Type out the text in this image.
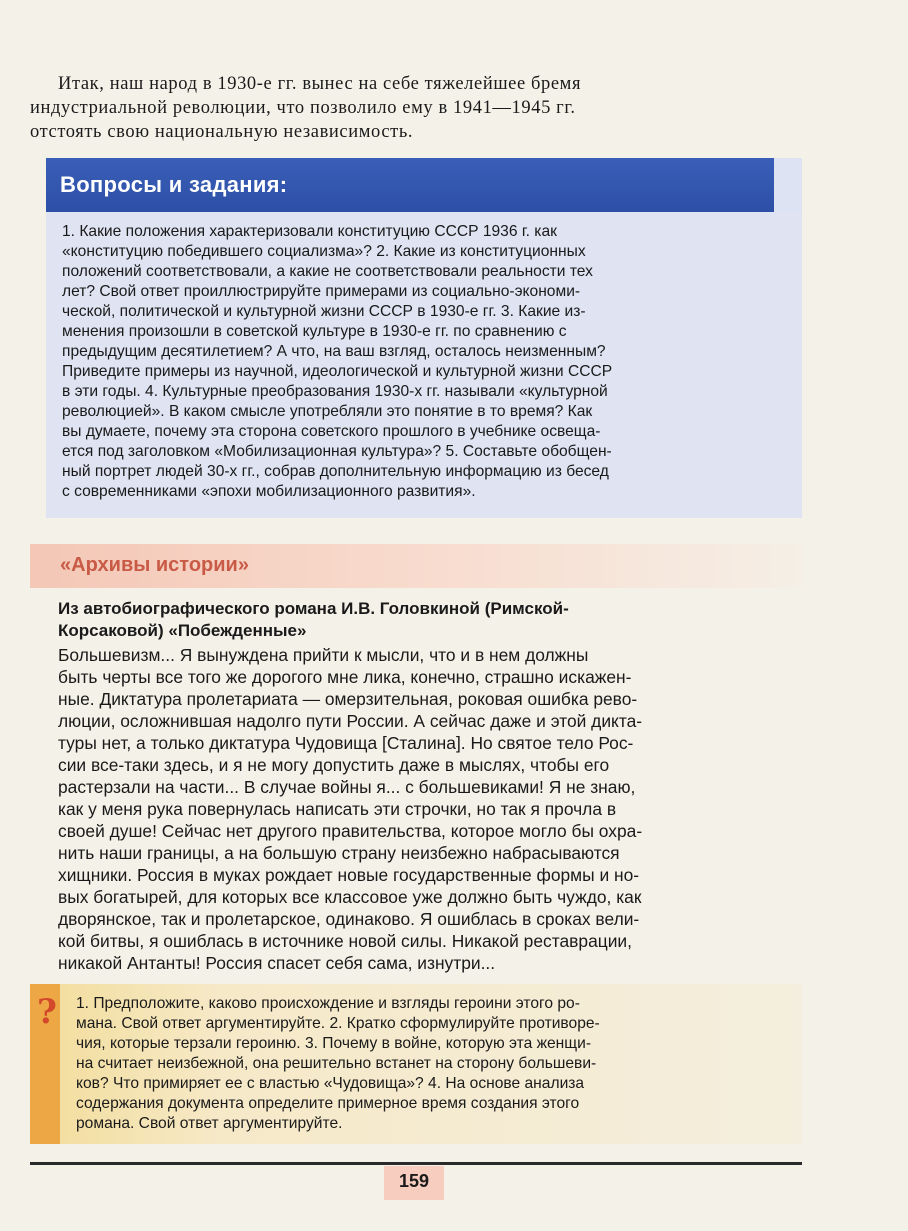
Итак, наш народ в 1930-е гг. вынес на себе тяжелейшее бремя
индустриальной революции, что позволило ему в 1941—1945 гг.
отстоять свою национальную независимость.
Вопросы и задания:
1. Какие положения характеризовали конституцию СССР 1936 г. как
«конституцию победившего социализма»? 2. Какие из конституционных
положений соответствовали, а какие не соответствовали реальности тех
лет? Свой ответ проиллюстрируйте примерами из социально-экономи-
ческой, политической и культурной жизни СССР в 1930-е гг. 3. Какие из-
менения произошли в советской культуре в 1930-е гг. по сравнению с
предыдущим десятилетием? А что, на ваш взгляд, осталось неизменным?
Приведите примеры из научной, идеологической и культурной жизни СССР
в эти годы. 4. Культурные преобразования 1930-х гг. называли «культурной
революцией». В каком смысле употребляли это понятие в то время? Как
вы думаете, почему эта сторона советского прошлого в учебнике освеща-
ется под заголовком «Мобилизационная культура»? 5. Составьте обобщен-
ный портрет людей 30-х гг., собрав дополнительную информацию из бесед
с современниками «эпохи мобилизационного развития».
«Архивы истории»
Из автобиографического романа И.В. Головкиной (Римской-
Корсаковой) «Побежденные»
Большевизм... Я вынуждена прийти к мысли, что и в нем должны
быть черты все того же дорогого мне лика, конечно, страшно искажен-
ные. Диктатура пролетариата — омерзительная, роковая ошибка рево-
люции, осложнившая надолго пути России. А сейчас даже и этой дикта-
туры нет, а только диктатура Чудовища [Сталина]. Но святое тело Рос-
сии все-таки здесь, и я не могу допустить даже в мыслях, чтобы его
растерзали на части... В случае войны я... с большевиками! Я не знаю,
как у меня рука повернулась написать эти строчки, но так я прочла в
своей душе! Сейчас нет другого правительства, которое могло бы охра-
нить наши границы, а на большую страну неизбежно набрасываются
хищники. Россия в муках рождает новые государственные формы и но-
вых богатырей, для которых все классовое уже должно быть чуждо, как
дворянское, так и пролетарское, одинаково. Я ошиблась в сроках вели-
кой битвы, я ошиблась в источнике новой силы. Никакой реставрации,
никакой Антанты! Россия спасет себя сама, изнутри...
?	1. Предположите, каково происхождение и взгляды героини этого ро-
мана. Свой ответ аргументируйте. 2. Кратко сформулируйте противоре-
чия, которые терзали героиню. 3. Почему в войне, которую эта женщи-
на считает неизбежной, она решительно встанет на сторону большеви-
ков? Что примиряет ее с властью «Чудовища»? 4. На основе анализа
содержания документа определите примерное время создания этого
романа. Свой ответ аргументируйте.
159
